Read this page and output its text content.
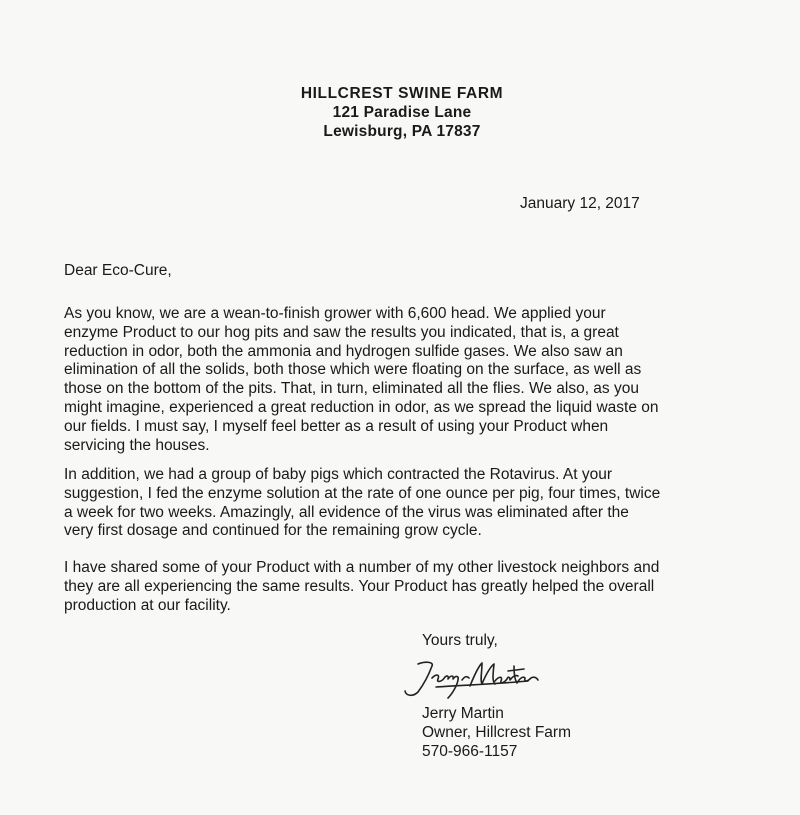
HILLCREST SWINE FARM
121 Paradise Lane
Lewisburg, PA 17837
January 12, 2017
Dear Eco-Cure,
As you know, we are a wean-to-finish grower with 6,600 head. We applied your
enzyme Product to our hog pits and saw the results you indicated, that is, a great
reduction in odor, both the ammonia and hydrogen sulfide gases. We also saw an
elimination of all the solids, both those which were floating on the surface, as well as
those on the bottom of the pits. That, in turn, eliminated all the flies. We also, as you
might imagine, experienced a great reduction in odor, as we spread the liquid waste on
our fields. I must say, I myself feel better as a result of using your Product when
servicing the houses.
In addition, we had a group of baby pigs which contracted the Rotavirus. At your
suggestion, I fed the enzyme solution at the rate of one ounce per pig, four times, twice
a week for two weeks. Amazingly, all evidence of the virus was eliminated after the
very first dosage and continued for the remaining grow cycle.
I have shared some of your Product with a number of my other livestock neighbors and
they are all experiencing the same results. Your Product has greatly helped the overall
production at our facility.
Yours truly,
Jerry Martin
Owner, Hillcrest Farm
570-966-1157
